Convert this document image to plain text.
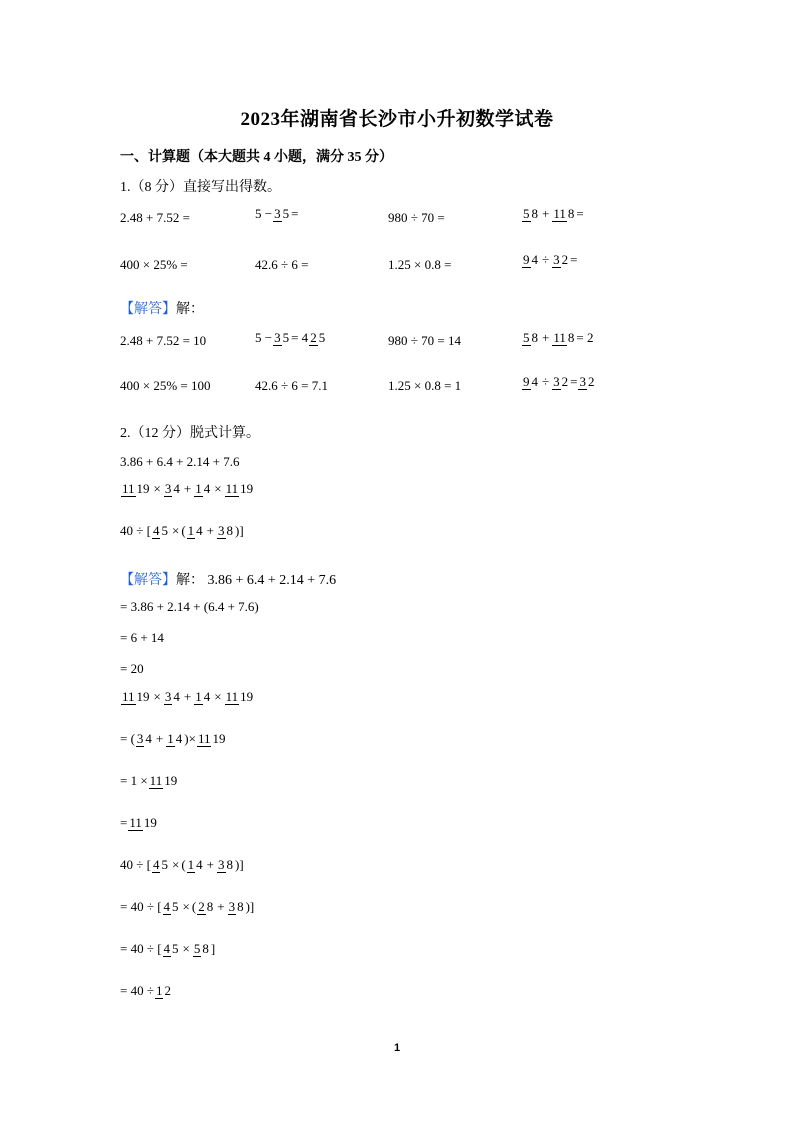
2023年湖南省长沙市小升初数学试卷
一、计算题（本大题共 4 小题，满分 35 分）
1.（8 分）直接写出得数。
2.48 + 7.52 =	5 − 3 5 =	980 ÷ 70 =	5 8 + 11 8 =
400 × 25% =	42.6 ÷ 6 =	1.25 × 0.8 =	9 4 ÷ 3 2 =
【解答】解：
2.48 + 7.52 = 10	5 − 3 5 = 4 2 5	980 ÷ 70 = 14	5 8 + 11 8 = 2
400 × 25% = 100	42.6 ÷ 6 = 7.1	1.25 × 0.8 = 1	9 4 ÷ 3 2 = 3 2
2.（12 分）脱式计算。
3.86 + 6.4 + 2.14 + 7.6
11 19 × 3 4 + 1 4 × 11 19
40 ÷ [ 4 5 × ( 1 4 + 3 8 )]
【解答】解： 3.86 + 6.4 + 2.14 + 7.6
= 3.86 + 2.14 + (6.4 + 7.6)
= 6 + 14
= 20
11 19 × 3 4 + 1 4 × 11 19
= ( 3 4 + 1 4 )× 11 19
= 1 × 11 19
= 11 19
40 ÷ [ 4 5 × ( 1 4 + 3 8 )]
= 40 ÷ [ 4 5 × ( 2 8 + 3 8 )]
= 40 ÷ [ 4 5 × 5 8 ]
= 40 ÷ 1 2
1
